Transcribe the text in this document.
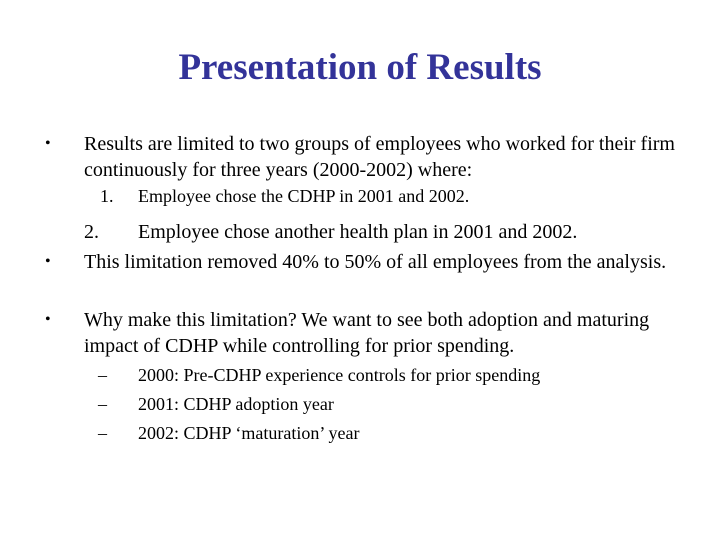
Presentation of Results
• Results are limited to two groups of employees who worked for their firm continuously for three years (2000-2002) where:
1. Employee chose the CDHP in 2001 and 2002.
2. Employee chose another health plan in 2001 and 2002.
• This limitation removed 40% to 50% of all employees from the analysis.
• Why make this limitation? We want to see both adoption and maturing impact of CDHP while controlling for prior spending.
– 2000: Pre-CDHP experience controls for prior spending
– 2001: CDHP adoption year
– 2002: CDHP ‘maturation’ year
